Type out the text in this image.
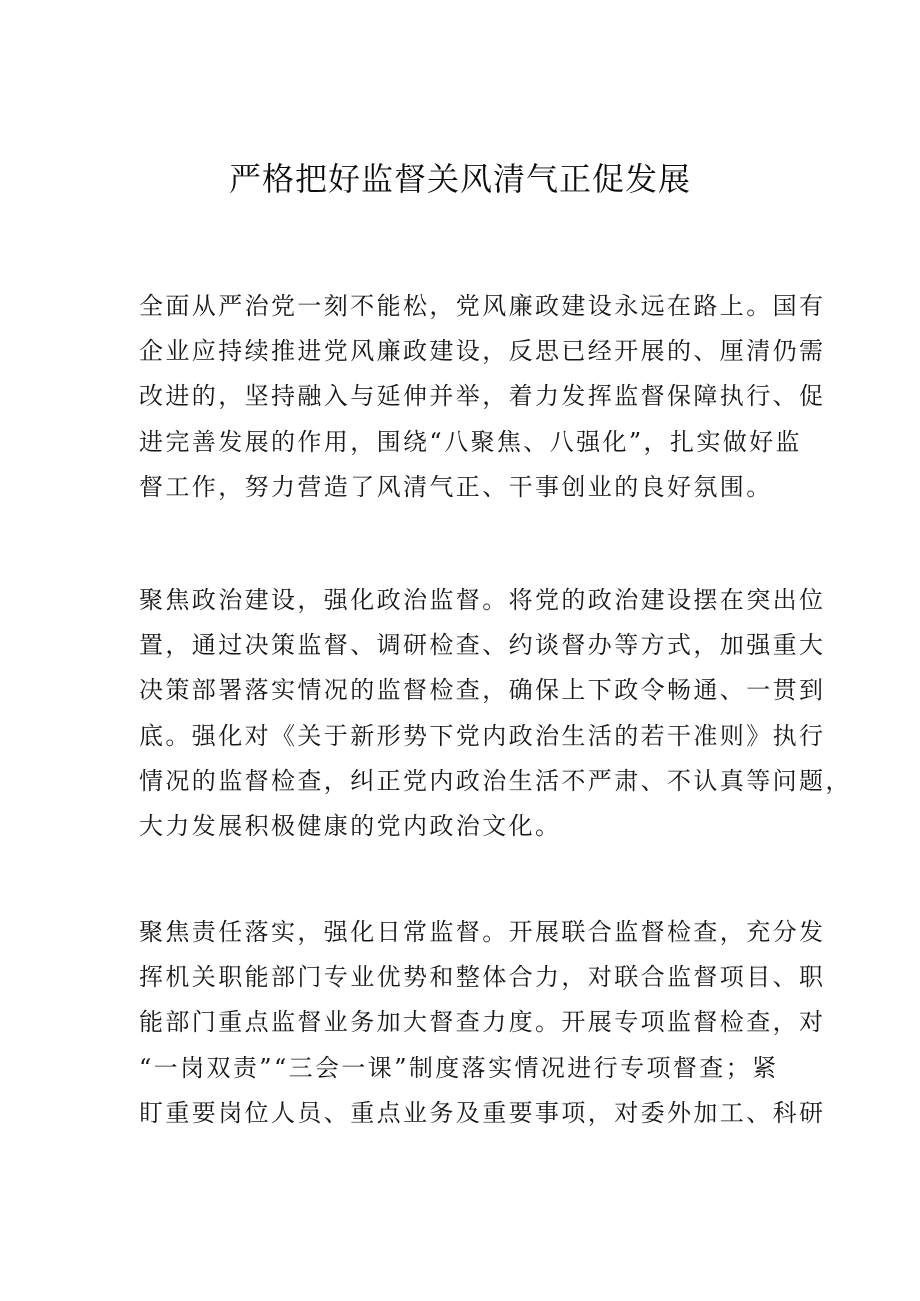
严格把好监督关风清气正促发展

全面从严治党一刻不能松，党风廉政建设永远在路上。国有
企业应持续推进党风廉政建设，反思已经开展的、厘清仍需
改进的，坚持融入与延伸并举，着力发挥监督保障执行、促
进完善发展的作用，围绕“八聚焦、八强化”，扎实做好监
督工作，努力营造了风清气正、干事创业的良好氛围。

聚焦政治建设，强化政治监督。将党的政治建设摆在突出位
置，通过决策监督、调研检查、约谈督办等方式，加强重大
决策部署落实情况的监督检查，确保上下政令畅通、一贯到
底。强化对《关于新形势下党内政治生活的若干准则》执行
情况的监督检查，纠正党内政治生活不严肃、不认真等问题，
大力发展积极健康的党内政治文化。

聚焦责任落实，强化日常监督。开展联合监督检查，充分发
挥机关职能部门专业优势和整体合力，对联合监督项目、职
能部门重点监督业务加大督查力度。开展专项监督检查，对
“一岗双责”“三会一课”制度落实情况进行专项督查；紧
盯重要岗位人员、重点业务及重要事项，对委外加工、科研
